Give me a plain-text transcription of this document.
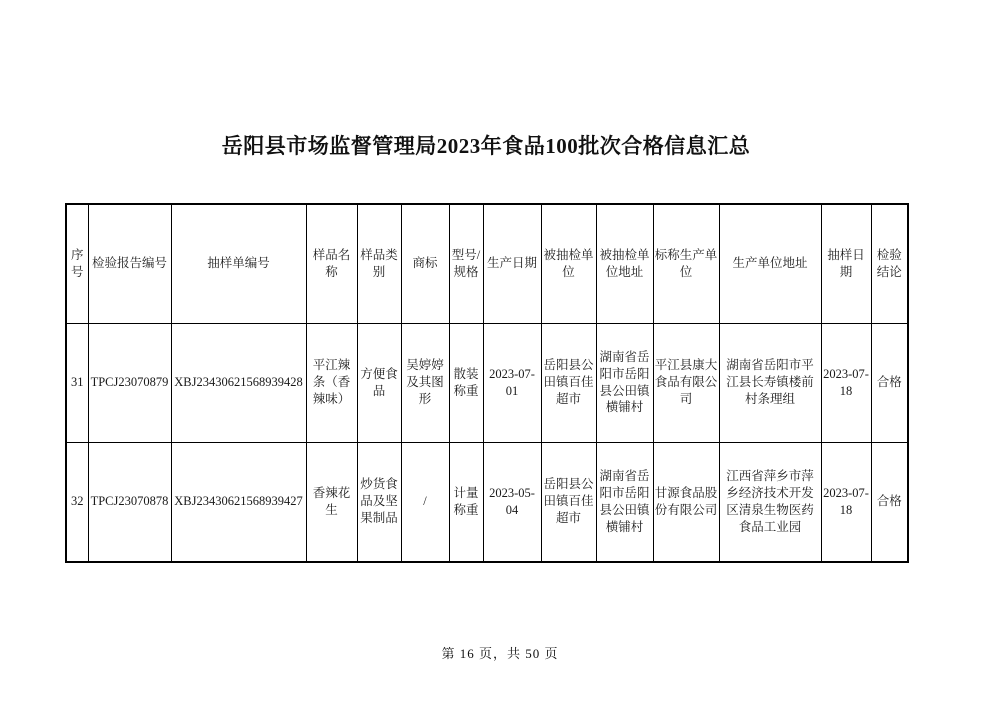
岳阳县市场监督管理局2023年食品100批次合格信息汇总
序号	检验报告编号	抽样单编号	样品名称	样品类别	商标	型号/规格	生产日期	被抽检单位	被抽检单位地址	标称生产单位	生产单位地址	抽样日期	检验结论
31	TPCJ23070879	XBJ23430621568939428	平江辣条（香辣味）	方便食品	吴婷婷及其图形	散装称重	2023-07-01	岳阳县公田镇百佳超市	湖南省岳阳市岳阳县公田镇横铺村	平江县康大食品有限公司	湖南省岳阳市平江县长寿镇楼前村条理组	2023-07-18	合格
32	TPCJ23070878	XBJ23430621568939427	香辣花生	炒货食品及坚果制品	/	计量称重	2023-05-04	岳阳县公田镇百佳超市	湖南省岳阳市岳阳县公田镇横铺村	甘源食品股份有限公司	江西省萍乡市萍乡经济技术开发区清泉生物医药食品工业园	2023-07-18	合格
第 16 页，共 50 页
